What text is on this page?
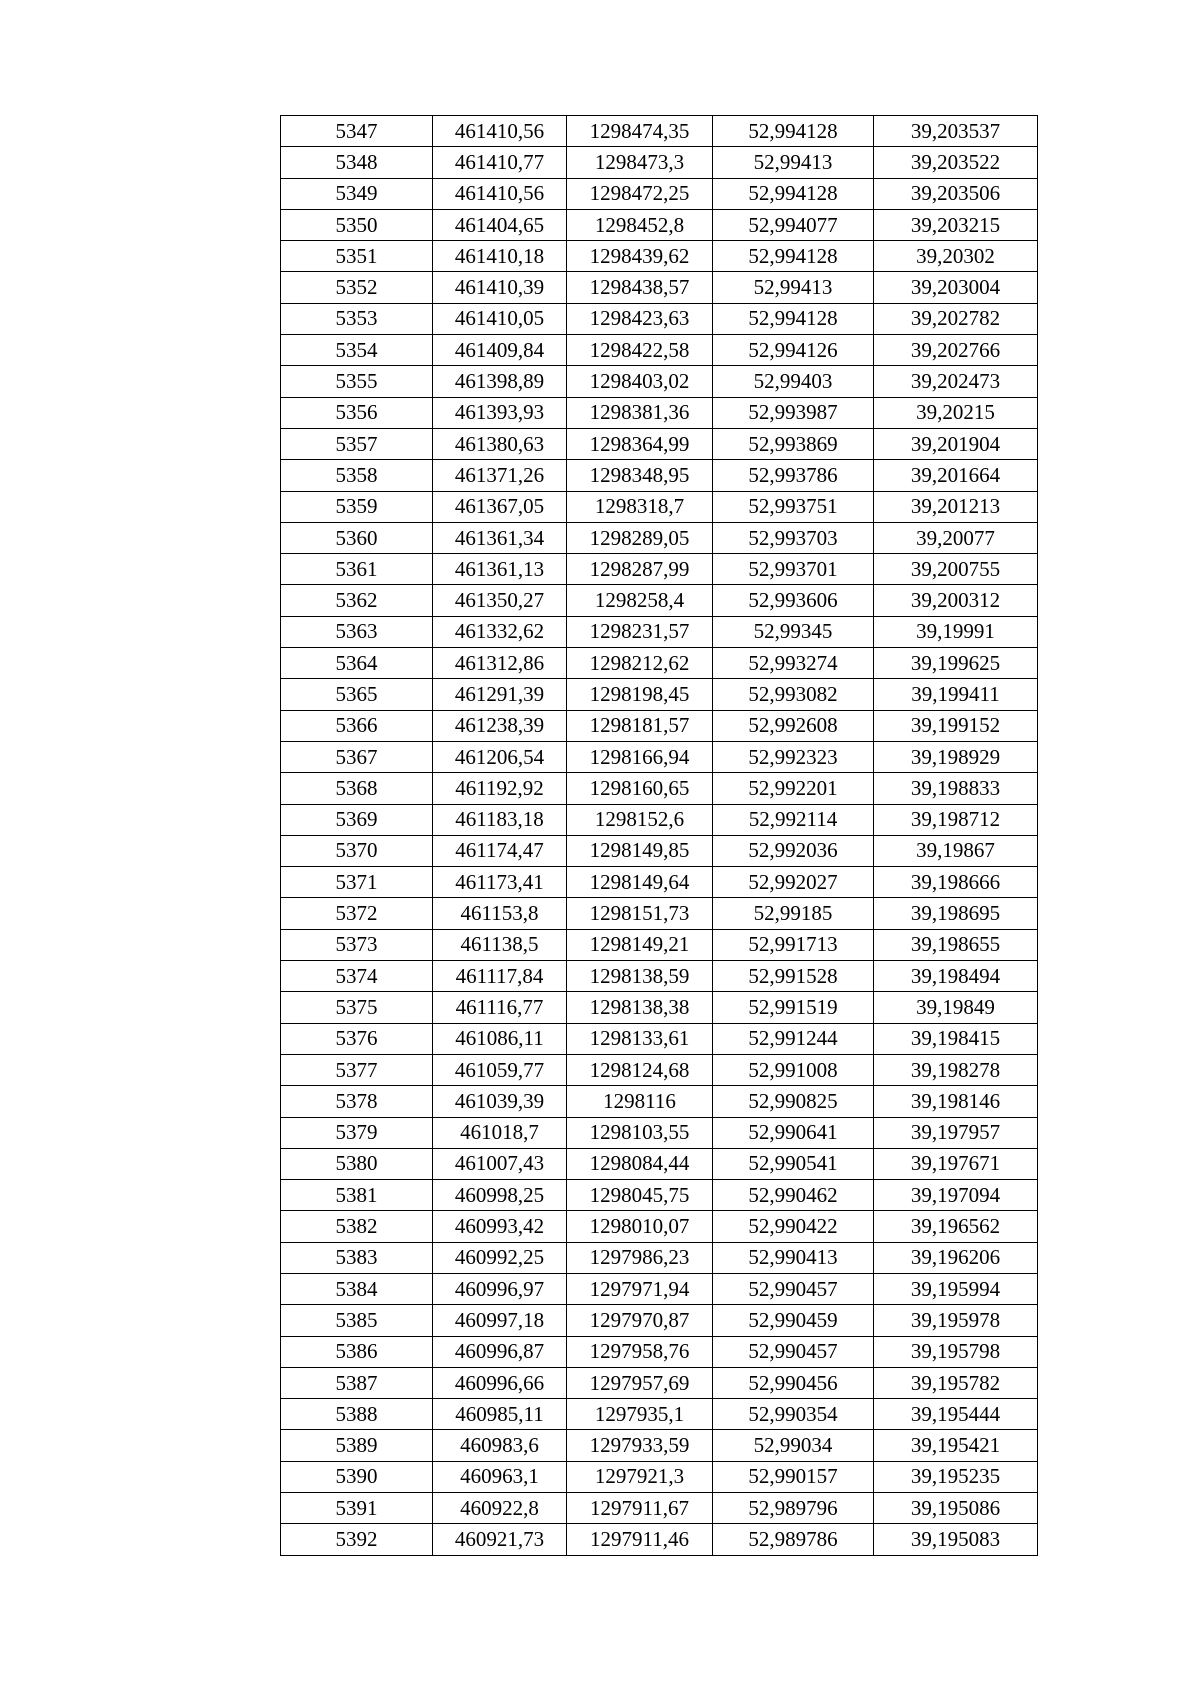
5347	461410,56	1298474,35	52,994128	39,203537
5348	461410,77	1298473,3	52,99413	39,203522
5349	461410,56	1298472,25	52,994128	39,203506
5350	461404,65	1298452,8	52,994077	39,203215
5351	461410,18	1298439,62	52,994128	39,20302
5352	461410,39	1298438,57	52,99413	39,203004
5353	461410,05	1298423,63	52,994128	39,202782
5354	461409,84	1298422,58	52,994126	39,202766
5355	461398,89	1298403,02	52,99403	39,202473
5356	461393,93	1298381,36	52,993987	39,20215
5357	461380,63	1298364,99	52,993869	39,201904
5358	461371,26	1298348,95	52,993786	39,201664
5359	461367,05	1298318,7	52,993751	39,201213
5360	461361,34	1298289,05	52,993703	39,20077
5361	461361,13	1298287,99	52,993701	39,200755
5362	461350,27	1298258,4	52,993606	39,200312
5363	461332,62	1298231,57	52,99345	39,19991
5364	461312,86	1298212,62	52,993274	39,199625
5365	461291,39	1298198,45	52,993082	39,199411
5366	461238,39	1298181,57	52,992608	39,199152
5367	461206,54	1298166,94	52,992323	39,198929
5368	461192,92	1298160,65	52,992201	39,198833
5369	461183,18	1298152,6	52,992114	39,198712
5370	461174,47	1298149,85	52,992036	39,19867
5371	461173,41	1298149,64	52,992027	39,198666
5372	461153,8	1298151,73	52,99185	39,198695
5373	461138,5	1298149,21	52,991713	39,198655
5374	461117,84	1298138,59	52,991528	39,198494
5375	461116,77	1298138,38	52,991519	39,19849
5376	461086,11	1298133,61	52,991244	39,198415
5377	461059,77	1298124,68	52,991008	39,198278
5378	461039,39	1298116	52,990825	39,198146
5379	461018,7	1298103,55	52,990641	39,197957
5380	461007,43	1298084,44	52,990541	39,197671
5381	460998,25	1298045,75	52,990462	39,197094
5382	460993,42	1298010,07	52,990422	39,196562
5383	460992,25	1297986,23	52,990413	39,196206
5384	460996,97	1297971,94	52,990457	39,195994
5385	460997,18	1297970,87	52,990459	39,195978
5386	460996,87	1297958,76	52,990457	39,195798
5387	460996,66	1297957,69	52,990456	39,195782
5388	460985,11	1297935,1	52,990354	39,195444
5389	460983,6	1297933,59	52,99034	39,195421
5390	460963,1	1297921,3	52,990157	39,195235
5391	460922,8	1297911,67	52,989796	39,195086
5392	460921,73	1297911,46	52,989786	39,195083
